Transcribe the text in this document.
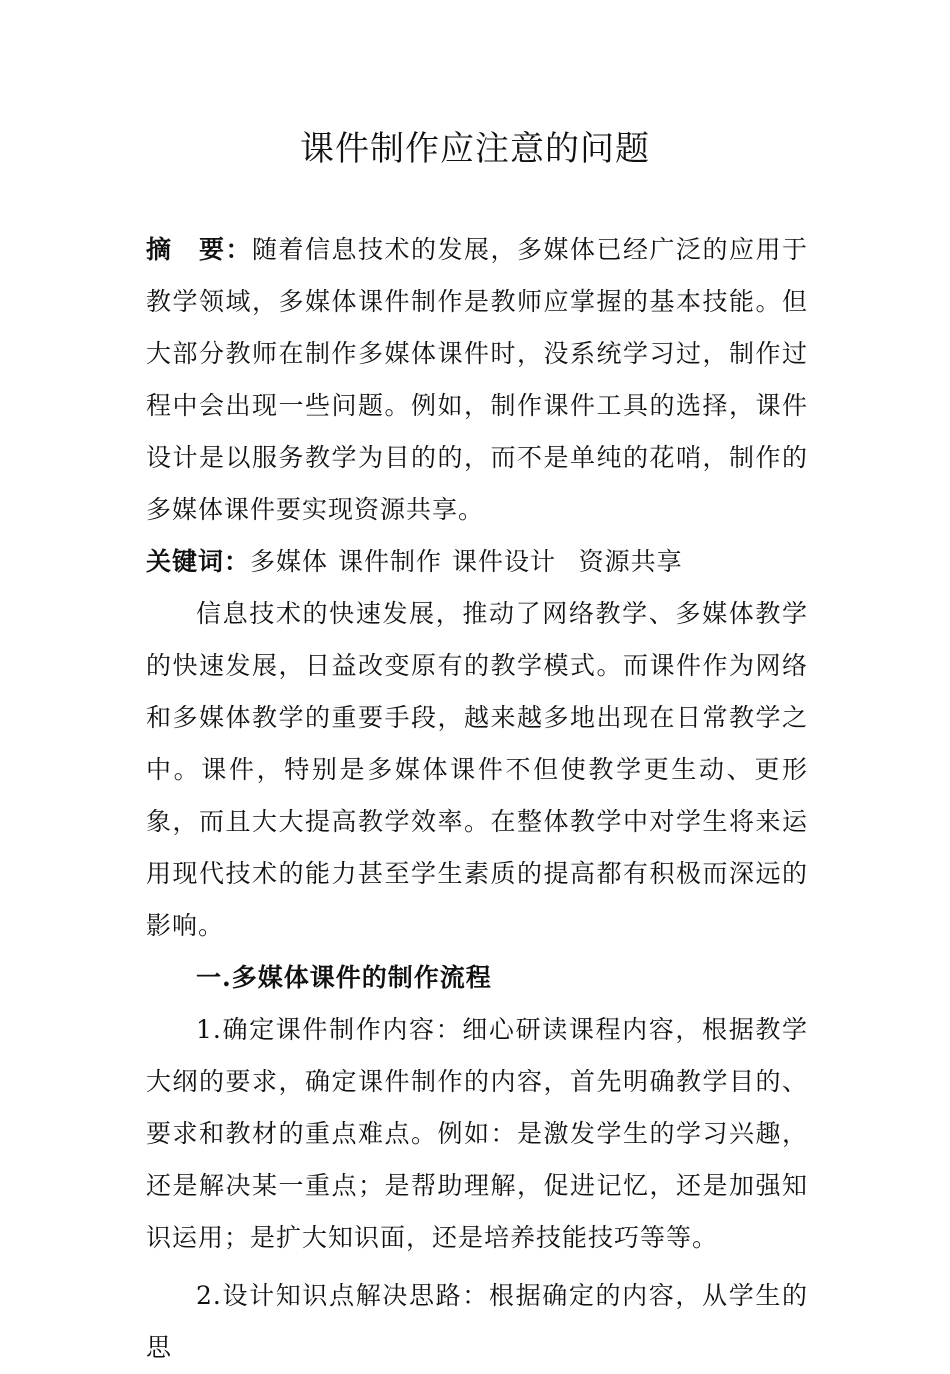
课件制作应注意的问题

摘　要：随着信息技术的发展，多媒体已经广泛的应用于教学领域，多媒体课件制作是教师应掌握的基本技能。但大部分教师在制作多媒体课件时，没系统学习过，制作过程中会出现一些问题。例如，制作课件工具的选择，课件设计是以服务教学为目的的，而不是单纯的花哨，制作的多媒体课件要实现资源共享。

关键词：多媒体 课件制作 课件设计 资源共享

信息技术的快速发展，推动了网络教学、多媒体教学的快速发展，日益改变原有的教学模式。而课件作为网络和多媒体教学的重要手段，越来越多地出现在日常教学之中。课件，特别是多媒体课件不但使教学更生动、更形象，而且大大提高教学效率。在整体教学中对学生将来运用现代技术的能力甚至学生素质的提高都有积极而深远的影响。

一.多媒体课件的制作流程

1.确定课件制作内容：细心研读课程内容，根据教学大纲的要求，确定课件制作的内容，首先明确教学目的、要求和教材的重点难点。例如：是激发学生的学习兴趣，还是解决某一重点；是帮助理解，促进记忆，还是加强知识运用；是扩大知识面，还是培养技能技巧等等。

2.设计知识点解决思路：根据确定的内容，从学生的思
